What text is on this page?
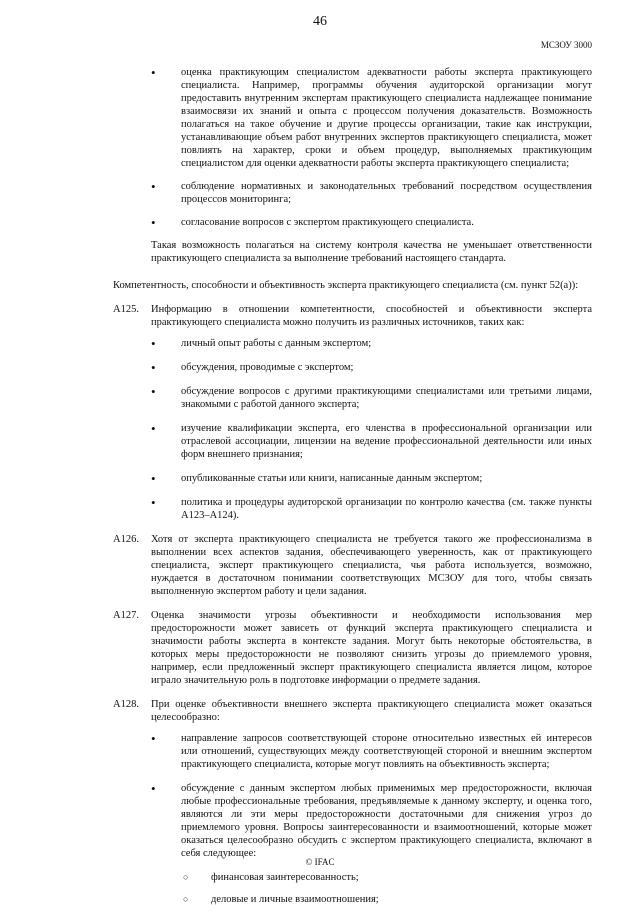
46
МСЗОУ 3000
• оценка практикующим специалистом адекватности работы эксперта практикующего специалиста. Например, программы обучения аудиторской организации могут предоставить внутренним экспертам практикующего специалиста надлежащее понимание взаимосвязи их знаний и опыта с процессом получения доказательств. Возможность полагаться на такое обучение и другие процессы организации, такие как инструкции, устанавливающие объем работ внутренних экспертов практикующего специалиста, может повлиять на характер, сроки и объем процедур, выполняемых практикующим специалистом для оценки адекватности работы эксперта практикующего специалиста;
• соблюдение нормативных и законодательных требований посредством осуществления процессов мониторинга;
• согласование вопросов с экспертом практикующего специалиста.

Такая возможность полагаться на систему контроля качества не уменьшает ответственности практикующего специалиста за выполнение требований настоящего стандарта.

Компетентность, способности и объективность эксперта практикующего специалиста (см. пункт 52(a)):

A125.	Информацию в отношении компетентности, способностей и объективности эксперта практикующего специалиста можно получить из различных источников, таких как:

• личный опыт работы с данным экспертом;
• обсуждения, проводимые с экспертом;
• обсуждение вопросов с другими практикующими специалистами или третьими лицами, знакомыми с работой данного эксперта;
• изучение квалификации эксперта, его членства в профессиональной организации или отраслевой ассоциации, лицензии на ведение профессиональной деятельности или иных форм внешнего признания;
• опубликованные статьи или книги, написанные данным экспертом;
• политика и процедуры аудиторской организации по контролю качества (см. также пункты A123–A124).
A126.	Хотя от эксперта практикующего специалиста не требуется такого же профессионализма в выполнении всех аспектов задания, обеспечивающего уверенность, как от практикующего специалиста, эксперт практикующего специалиста, чья работа используется, возможно, нуждается в достаточном понимании соответствующих МСЗОУ для того, чтобы связать выполненную экспертом работу и цели задания.

A127.	Оценка значимости угрозы объективности и необходимости использования мер предосторожности может зависеть от функций эксперта практикующего специалиста и значимости работы эксперта в контексте задания. Могут быть некоторые обстоятельства, в которых меры предосторожности не позволяют снизить угрозы до приемлемого уровня, например, если предложенный эксперт практикующего специалиста является лицом, которое играло значительную роль в подготовке информации о предмете задания.

A128.	При оценке объективности внешнего эксперта практикующего специалиста может оказаться целесообразно:

• направление запросов соответствующей стороне относительно известных ей интересов или отношений, существующих между соответствующей стороной и внешним экспертом практикующего специалиста, которые могут повлиять на объективность эксперта;
• обсуждение с данным экспертом любых применимых мер предосторожности, включая любые профессиональные требования, предъявляемые к данному эксперту, и оценка того, являются ли эти меры предосторожности достаточными для снижения угроз до приемлемого уровня. Вопросы заинтересованности и взаимоотношений, которые может оказаться целесообразно обсудить с экспертом практикующего специалиста, включают в себя следующее:
○ финансовая заинтересованность;
○ деловые и личные взаимоотношения;
© IFAC
